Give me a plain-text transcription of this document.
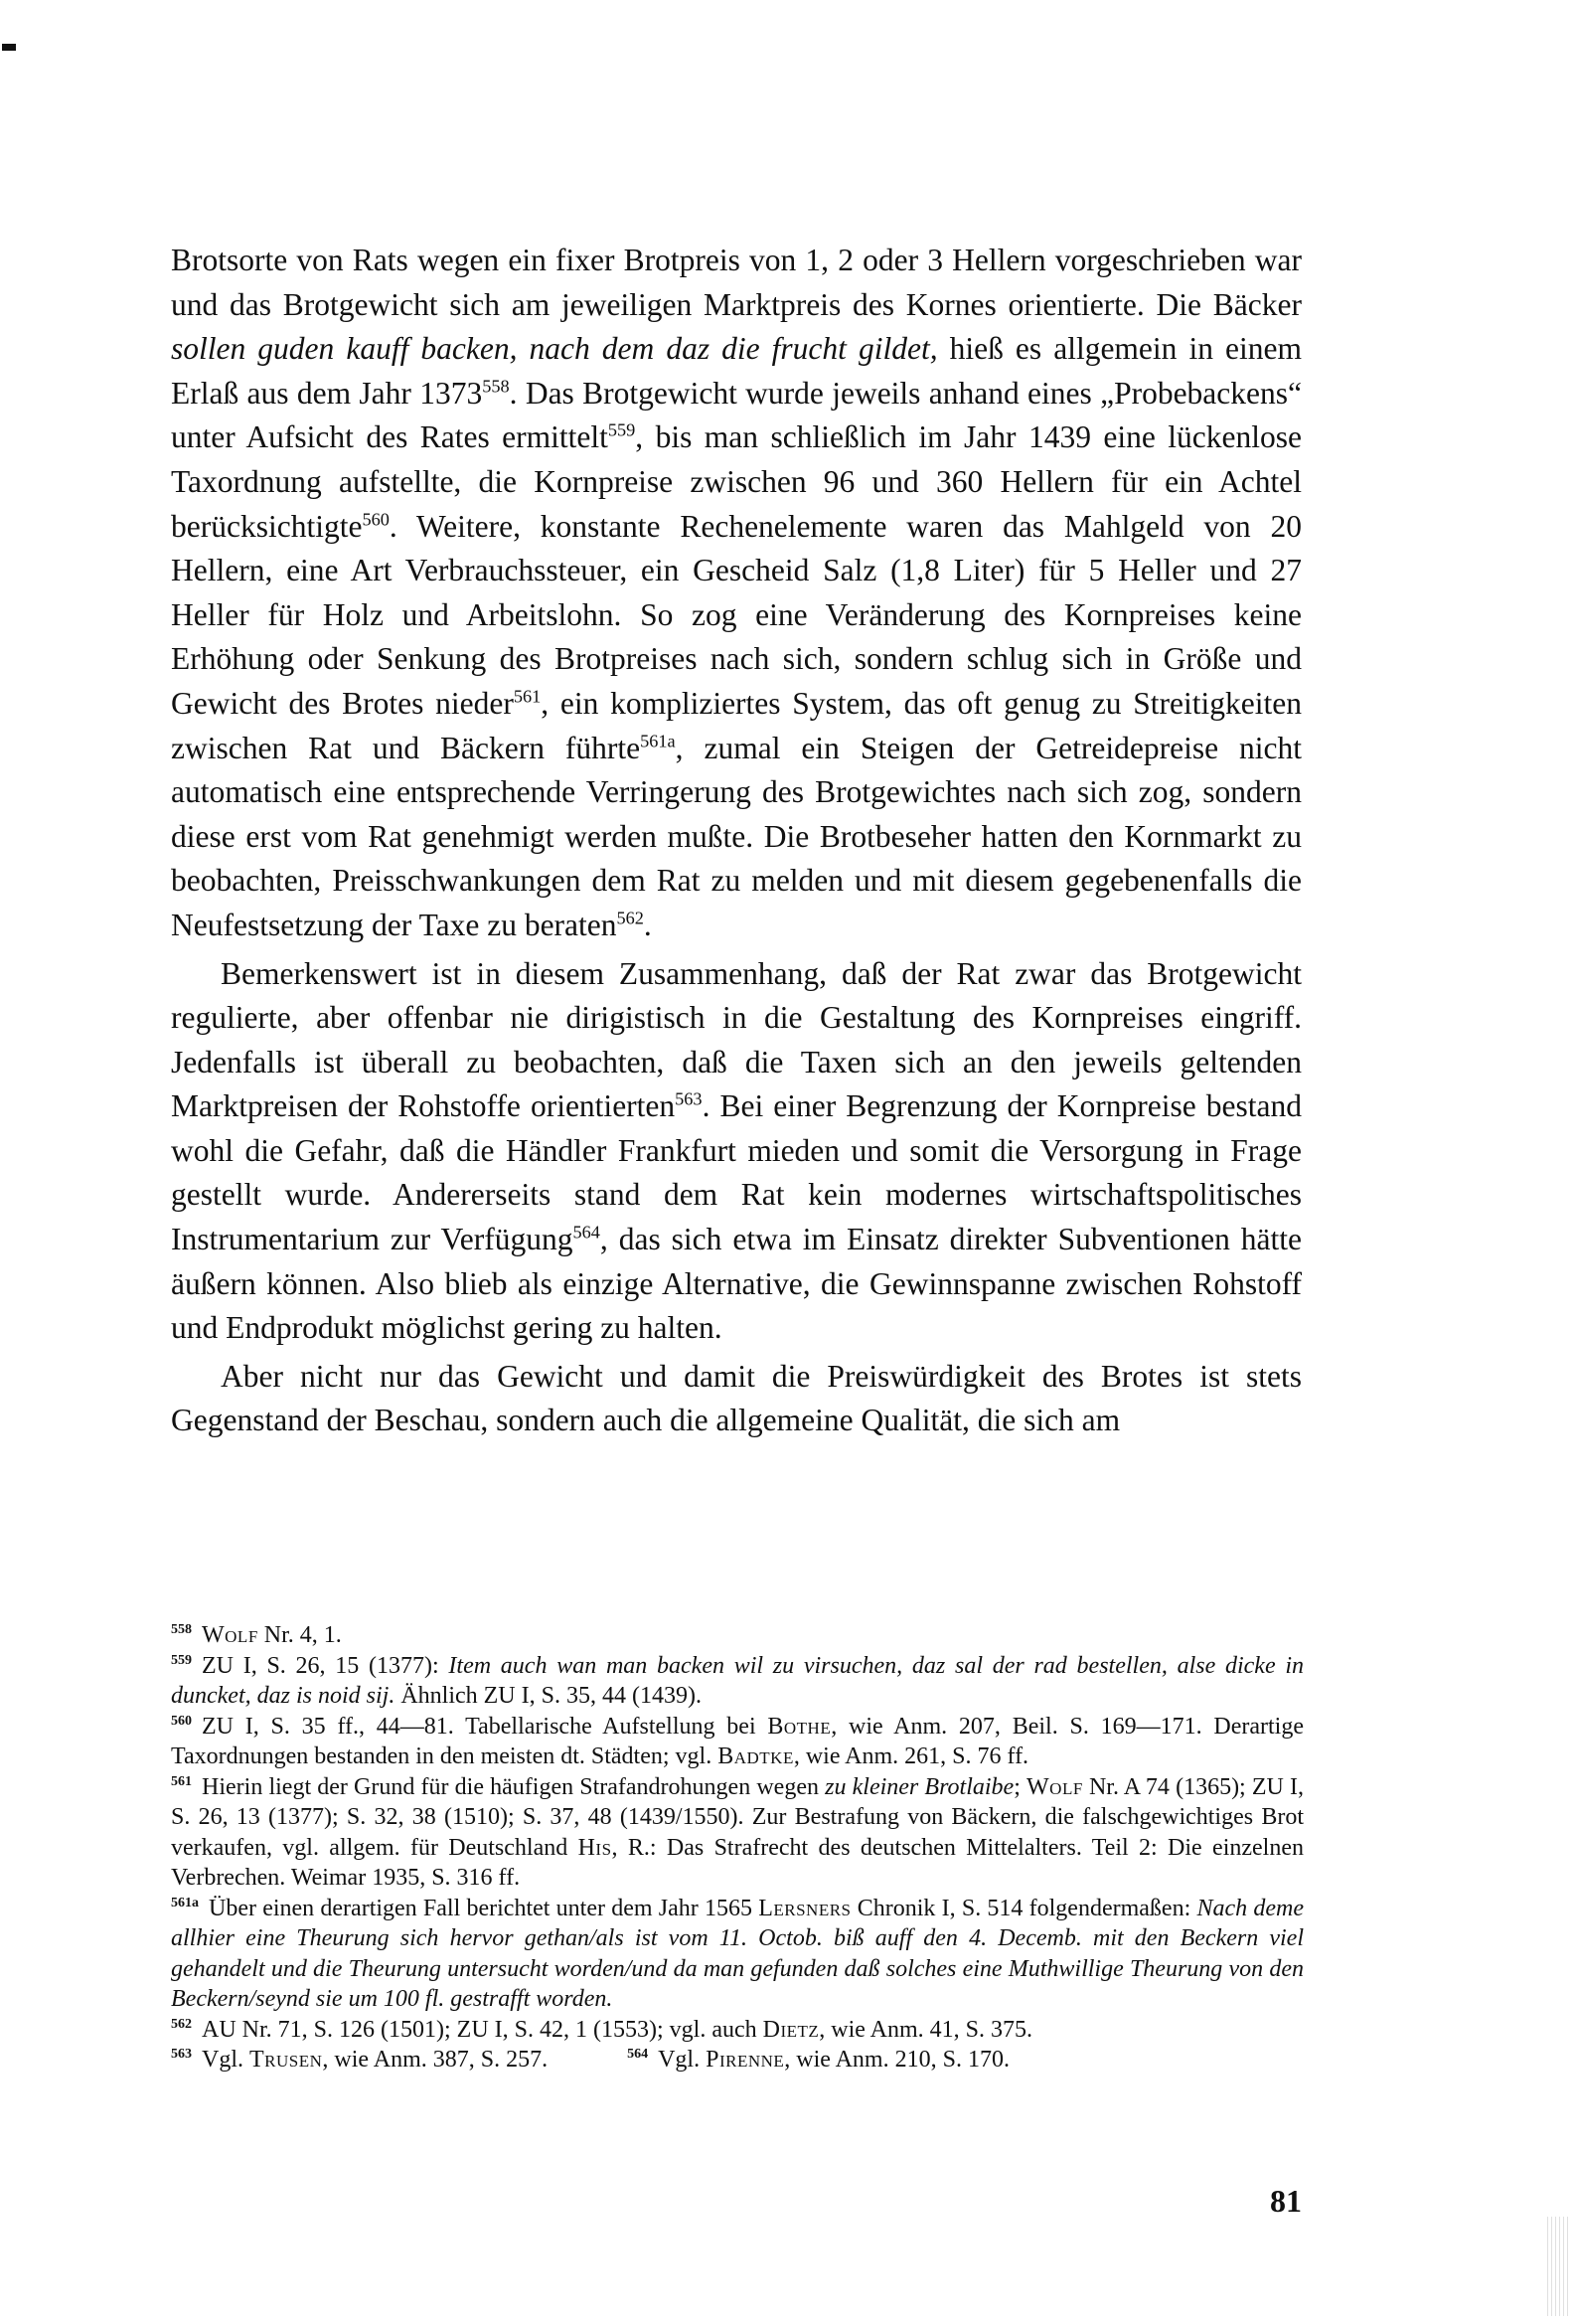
Brotsorte von Rats wegen ein fixer Brotpreis von 1, 2 oder 3 Hellern vorgeschrieben war und das Brotgewicht sich am jeweiligen Marktpreis des Kornes orientierte. Die Bäcker sollen guden kauff backen, nach dem daz die frucht gildet, hieß es allgemein in einem Erlaß aus dem Jahr 1373$^{558}$. Das Brotgewicht wurde jeweils anhand eines „Probebackens“ unter Aufsicht des Rates ermittelt$^{559}$, bis man schließlich im Jahr 1439 eine lückenlose Taxordnung aufstellte, die Kornpreise zwischen 96 und 360 Hellern für ein Achtel berücksichtigte$^{560}$. Weitere, konstante Rechenelemente waren das Mahlgeld von 20 Hellern, eine Art Verbrauchssteuer, ein Gescheid Salz (1,8 Liter) für 5 Heller und 27 Heller für Holz und Arbeitslohn. So zog eine Veränderung des Kornpreises keine Erhöhung oder Senkung des Brotpreises nach sich, sondern schlug sich in Größe und Gewicht des Brotes nieder$^{561}$, ein kompliziertes System, das oft genug zu Streitigkeiten zwischen Rat und Bäckern führte$^{561a}$, zumal ein Steigen der Getreidepreise nicht automatisch eine entsprechende Verringerung des Brotgewichtes nach sich zog, sondern diese erst vom Rat genehmigt werden mußte. Die Brotbeseher hatten den Kornmarkt zu beobachten, Preisschwankungen dem Rat zu melden und mit diesem gegebenenfalls die Neufestsetzung der Taxe zu beraten$^{562}$.

Bemerkenswert ist in diesem Zusammenhang, daß der Rat zwar das Brotgewicht regulierte, aber offenbar nie dirigistisch in die Gestaltung des Kornpreises eingriff. Jedenfalls ist überall zu beobachten, daß die Taxen sich an den jeweils geltenden Marktpreisen der Rohstoffe orientierten$^{563}$. Bei einer Begrenzung der Kornpreise bestand wohl die Gefahr, daß die Händler Frankfurt mieden und somit die Versorgung in Frage gestellt wurde. Andererseits stand dem Rat kein modernes wirtschaftspolitisches Instrumentarium zur Verfügung$^{564}$, das sich etwa im Einsatz direkter Subventionen hätte äußern können. Also blieb als einzige Alternative, die Gewinnspanne zwischen Rohstoff und Endprodukt möglichst gering zu halten.

Aber nicht nur das Gewicht und damit die Preiswürdigkeit des Brotes ist stets Gegenstand der Beschau, sondern auch die allgemeine Qualität, die sich am

$^{558}$ Wolf Nr. 4, 1.

$^{559}$ ZU I, S. 26, 15 (1377): Item auch wan man backen wil zu virsuchen, daz sal der rad bestellen, alse dicke in duncket, daz is noid sij. Ähnlich ZU I, S. 35, 44 (1439).

$^{560}$ ZU I, S. 35 ff., 44—81. Tabellarische Aufstellung bei Bothe, wie Anm. 207, Beil. S. 169—171. Derartige Taxordnungen bestanden in den meisten dt. Städten; vgl. Badtke, wie Anm. 261, S. 76 ff.

$^{561}$ Hierin liegt der Grund für die häufigen Strafandrohungen wegen zu kleiner Brotlaibe; Wolf Nr. A 74 (1365); ZU I, S. 26, 13 (1377); S. 32, 38 (1510); S. 37, 48 (1439/1550). Zur Bestrafung von Bäckern, die falschgewichtiges Brot verkaufen, vgl. allgem. für Deutschland His, R.: Das Strafrecht des deutschen Mittelalters. Teil 2: Die einzelnen Verbrechen. Weimar 1935, S. 316 ff.

$^{561a}$ Über einen derartigen Fall berichtet unter dem Jahr 1565 Lersners Chronik I, S. 514 folgendermaßen: Nach deme allhier eine Theurung sich hervor gethan/als ist vom 11. Octob. biß auff den 4. Decemb. mit den Beckern viel gehandelt und die Theurung untersucht worden/und da man gefunden daß solches eine Muthwillige Theurung von den Beckern/seynd sie um 100 fl. gestrafft worden.

$^{562}$ AU Nr. 71, S. 126 (1501); ZU I, S. 42, 1 (1553); vgl. auch Dietz, wie Anm. 41, S. 375.

$^{563}$ Vgl. Trusen, wie Anm. 387, S. 257.	$^{564}$ Vgl. Pirenne, wie Anm. 210, S. 170.

81
